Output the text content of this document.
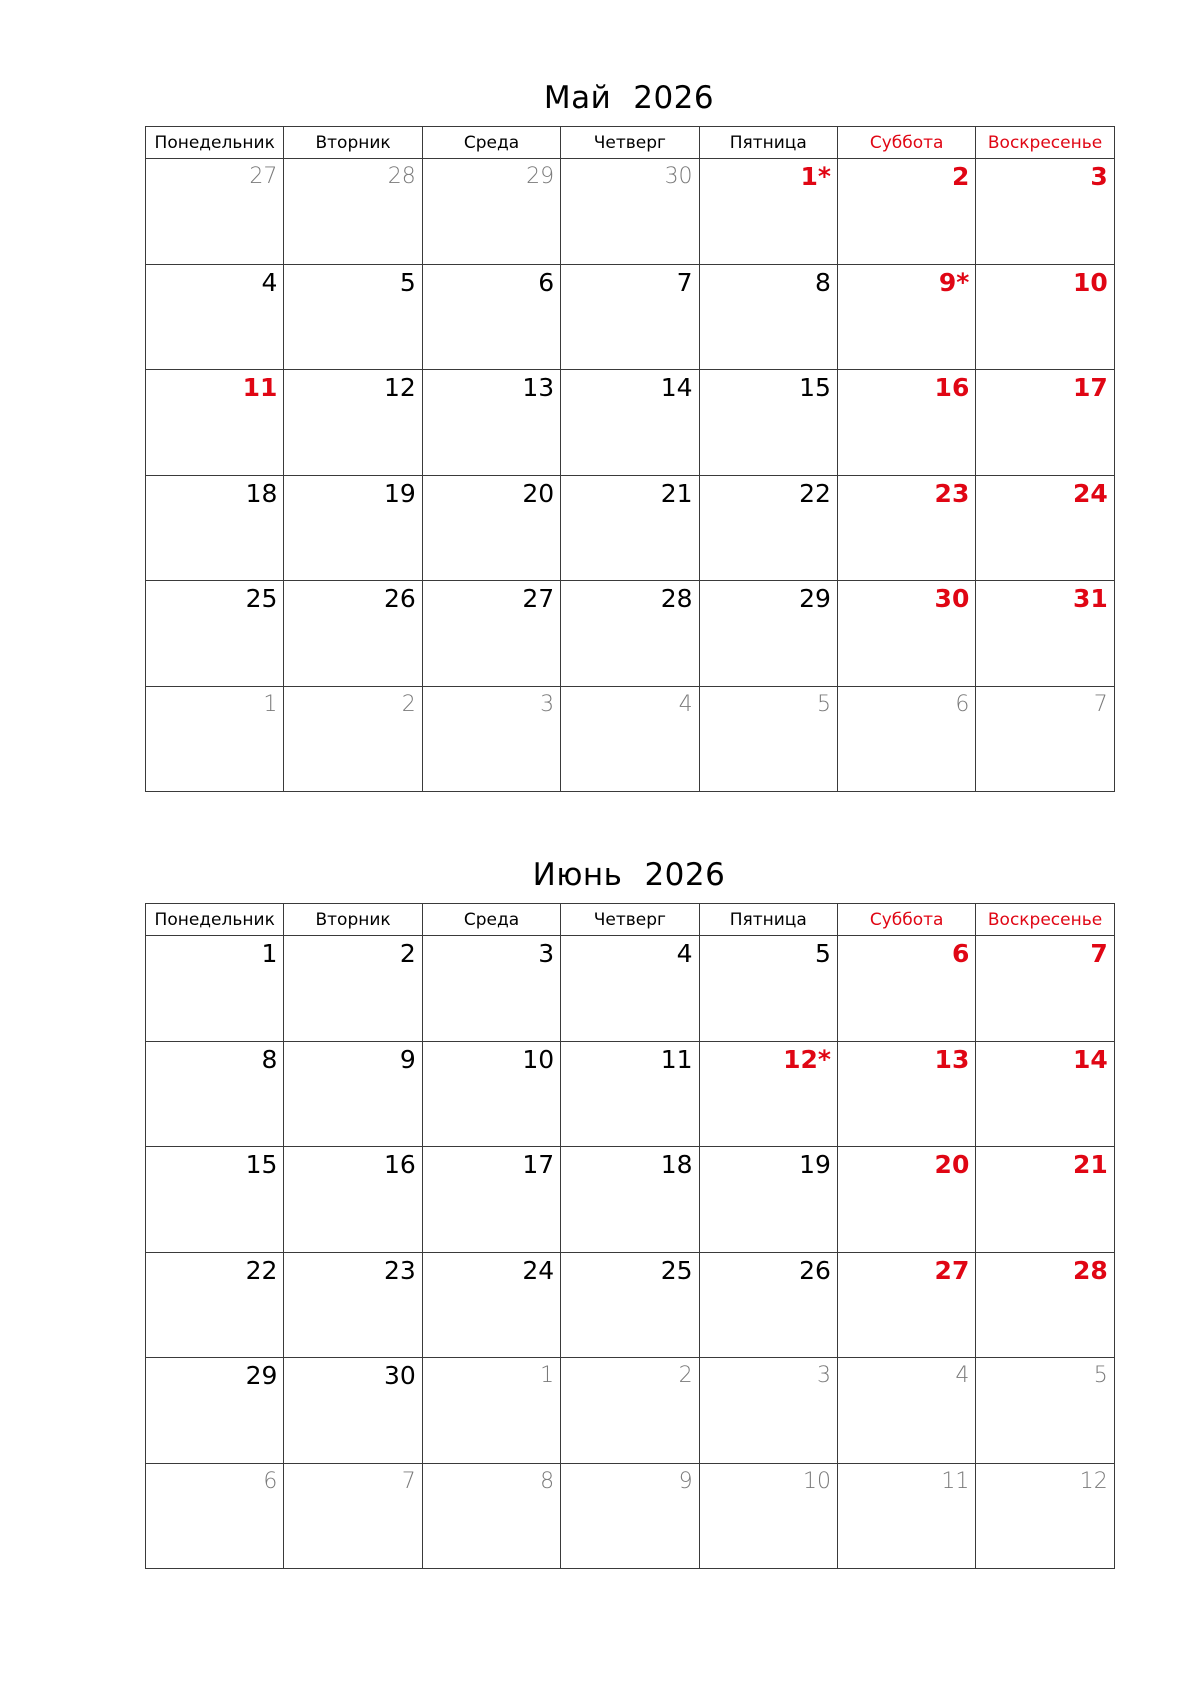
Май 2026
Понедельник	Вторник	Среда	Четверг	Пятница	Суббота	Воскресенье
27	28	29	30	1*	2	3
4	5	6	7	8	9*	10
11	12	13	14	15	16	17
18	19	20	21	22	23	24
25	26	27	28	29	30	31
1	2	3	4	5	6	7
Июнь 2026
Понедельник	Вторник	Среда	Четверг	Пятница	Суббота	Воскресенье
1	2	3	4	5	6	7
8	9	10	11	12*	13	14
15	16	17	18	19	20	21
22	23	24	25	26	27	28
29	30	1	2	3	4	5
6	7	8	9	10	11	12
